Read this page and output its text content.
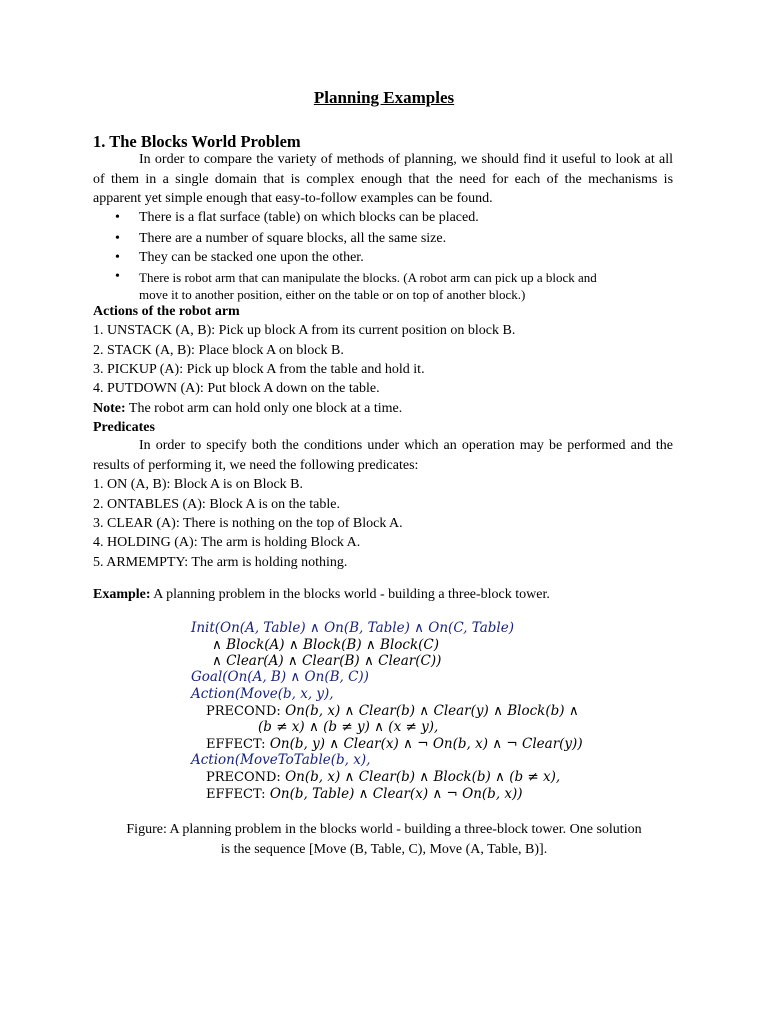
Planning Examples
1. The Blocks World Problem
In order to compare the variety of methods of planning, we should find it useful to look at all of them in a single domain that is complex enough that the need for each of the mechanisms is apparent yet simple enough that easy-to-follow examples can be found.
• There is a flat surface (table) on which blocks can be placed.
• There are a number of square blocks, all the same size.
• They can be stacked one upon the other.
• There is robot arm that can manipulate the blocks. (A robot arm can pick up a block and
move it to another position, either on the table or on top of another block.)
Actions of the robot arm
1. UNSTACK (A, B): Pick up block A from its current position on block B.
2. STACK (A, B): Place block A on block B.
3. PICKUP (A): Pick up block A from the table and hold it.
4. PUTDOWN (A): Put block A down on the table.
Note: The robot arm can hold only one block at a time.
Predicates
In order to specify both the conditions under which an operation may be performed and the results of performing it, we need the following predicates:
1. ON (A, B): Block A is on Block B.
2. ONTABLES (A): Block A is on the table.
3. CLEAR (A): There is nothing on the top of Block A.
4. HOLDING (A): The arm is holding Block A.
5. ARMEMPTY: The arm is holding nothing.
Example: A planning problem in the blocks world - building a three-block tower.
Init(On(A, Table) ∧ On(B, Table) ∧ On(C, Table)
∧ Block(A) ∧ Block(B) ∧ Block(C)
∧ Clear(A) ∧ Clear(B) ∧ Clear(C))
Goal(On(A, B) ∧ On(B, C))
Action(Move(b, x, y),
PRECOND: On(b, x) ∧ Clear(b) ∧ Clear(y) ∧ Block(b) ∧
(b ≠ x) ∧ (b ≠ y) ∧ (x ≠ y),
EFFECT: On(b, y) ∧ Clear(x) ∧ ¬ On(b, x) ∧ ¬ Clear(y))
Action(MoveToTable(b, x),
PRECOND: On(b, x) ∧ Clear(b) ∧ Block(b) ∧ (b ≠ x),
EFFECT: On(b, Table) ∧ Clear(x) ∧ ¬ On(b, x))
Figure: A planning problem in the blocks world - building a three-block tower. One solution
is the sequence [Move (B, Table, C), Move (A, Table, B)].
